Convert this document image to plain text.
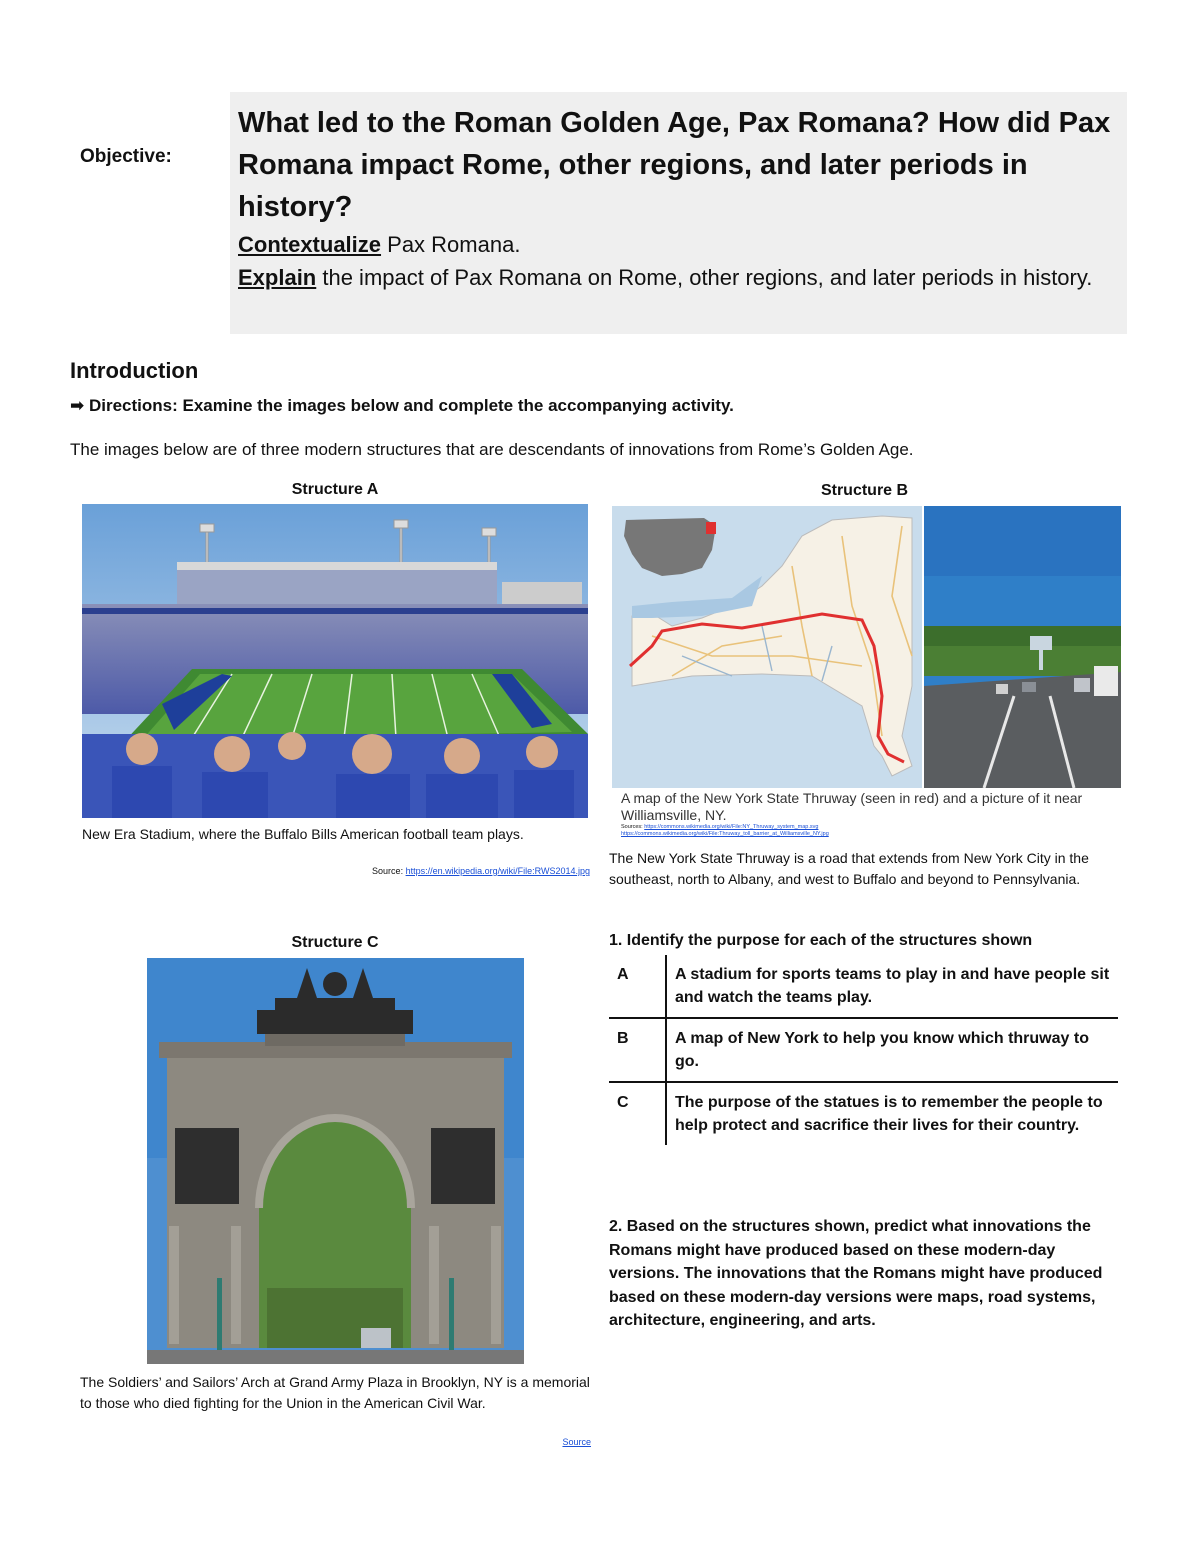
Objective:
What led to the Roman Golden Age, Pax Romana? How did Pax Romana impact Rome, other regions, and later periods in history?
Contextualize Pax Romana.
Explain the impact of Pax Romana on Rome, other regions, and later periods in history.
Introduction
➡ Directions: Examine the images below and complete the accompanying activity.
The images below are of three modern structures that are descendants of innovations from Rome’s Golden Age.
Structure A
New Era Stadium, where the Buffalo Bills American football team plays.
Source: https://en.wikipedia.org/wiki/File:RWS2014.jpg
Structure B
A map of the New York State Thruway (seen in red) and a picture of it near Williamsville, NY.
Sources: https://commons.wikimedia.org/wiki/File:NY_Thruway_system_map.svg
https://commons.wikimedia.org/wiki/File:Thruway_toll_barrier_at_Williamsville_NY.jpg
The New York State Thruway is a road that extends from New York City in the southeast, north to Albany, and west to Buffalo and beyond to Pennsylvania.
Structure C
The Soldiers’ and Sailors’ Arch at Grand Army Plaza in Brooklyn, NY is a memorial to those who died fighting for the Union in the American Civil War.
Source
1. Identify the purpose for each of the structures shown
A	A stadium for sports teams to play in and have people sit and watch the teams play.
B	A map of New York to help you know which thruway to go.
C	The purpose of the statues is to remember the people to help protect and sacrifice their lives for their country.
2. Based on the structures shown, predict what innovations the Romans might have produced based on these modern-day versions. The innovations that the Romans might have produced based on these modern-day versions were maps, road systems, architecture, engineering, and arts.
